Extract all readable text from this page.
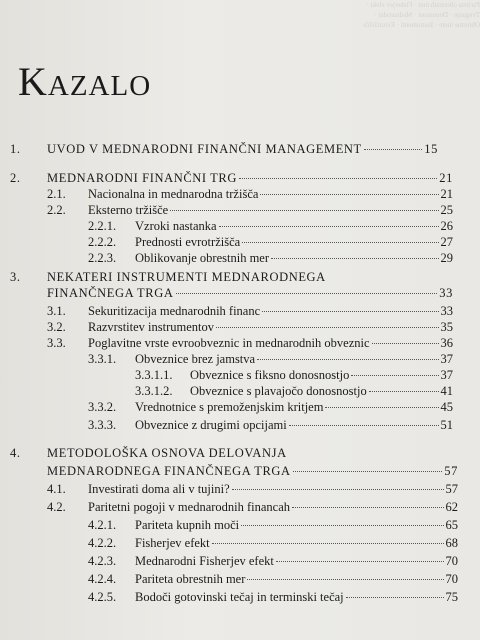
Pariteta obrestnih mer · Fisherjev efekt · Tveganje · Donosnost · Mednarodni · Obrestne mere · Instrumenti · Evrotržišče
KAZALO
1. UVOD V MEDNARODNI FINANČNI MANAGEMENT	15
2. MEDNARODNI FINANČNI TRG	21
2.1. Nacionalna in mednarodna tržišča	21
2.2. Eksterno tržišče	25
2.2.1. Vzroki nastanka	26
2.2.2. Prednosti evrotržišča	27
2.2.3. Oblikovanje obrestnih mer	29
3. NEKATERI INSTRUMENTI MEDNARODNEGA
FINANČNEGA TRGA	33
3.1. Sekuritizacija mednarodnih financ	33
3.2. Razvrstitev instrumentov	35
3.3. Poglavitne vrste evroobveznic in mednarodnih obveznic	36
3.3.1. Obveznice brez jamstva	37
3.3.1.1. Obveznice s fiksno donosnostjo	37
3.3.1.2. Obveznice s plavajočo donosnostjo	41
3.3.2. Vrednotnice s premoženjskim kritjem	45
3.3.3. Obveznice z drugimi opcijami	51
4. METODOLOŠKA OSNOVA DELOVANJA
MEDNARODNEGA FINANČNEGA TRGA	57
4.1. Investirati doma ali v tujini?	57
4.2. Paritetni pogoji v mednarodnih financah	62
4.2.1. Pariteta kupnih moči	65
4.2.2. Fisherjev efekt	68
4.2.3. Mednarodni Fisherjev efekt	70
4.2.4. Pariteta obrestnih mer	70
4.2.5. Bodoči gotovinski tečaj in terminski tečaj	75
